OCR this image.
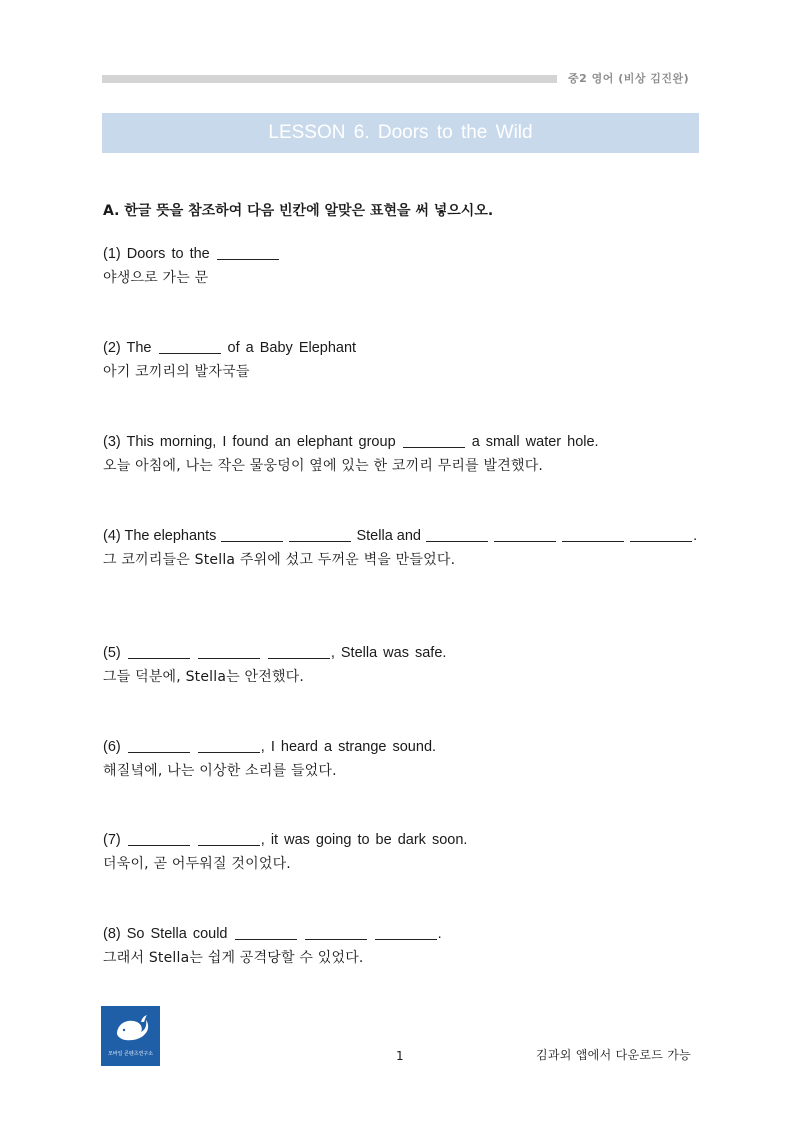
중2 영어 (비상 김진완)
LESSON 6. Doors to the Wild
A. 한글 뜻을 참조하여 다음 빈칸에 알맞은 표현을 써 넣으시오.
(1) Doors to the
야생으로 가는 문
(2) The	of a Baby Elephant
아기 코끼리의 발자국들
(3) This morning, I found an elephant group	a small water hole.
오늘 아침에, 나는 작은 물웅덩이 옆에 있는 한 코끼리 무리를 발견했다.
(4) The elephants	Stella and	.
그 코끼리들은 Stella 주위에 섰고 두꺼운 벽을 만들었다.
(5)	, Stella was safe.
그들 덕분에, Stella는 안전했다.
(6)	, I heard a strange sound.
해질녘에, 나는 이상한 소리를 들었다.
(7)	, it was going to be dark soon.
더욱이, 곧 어두워질 것이었다.
(8) So Stella could	.
그래서 Stella는 쉽게 공격당할 수 있었다.
모바일 콘텐츠연구소	1	김과외 앱에서 다운로드 가능
